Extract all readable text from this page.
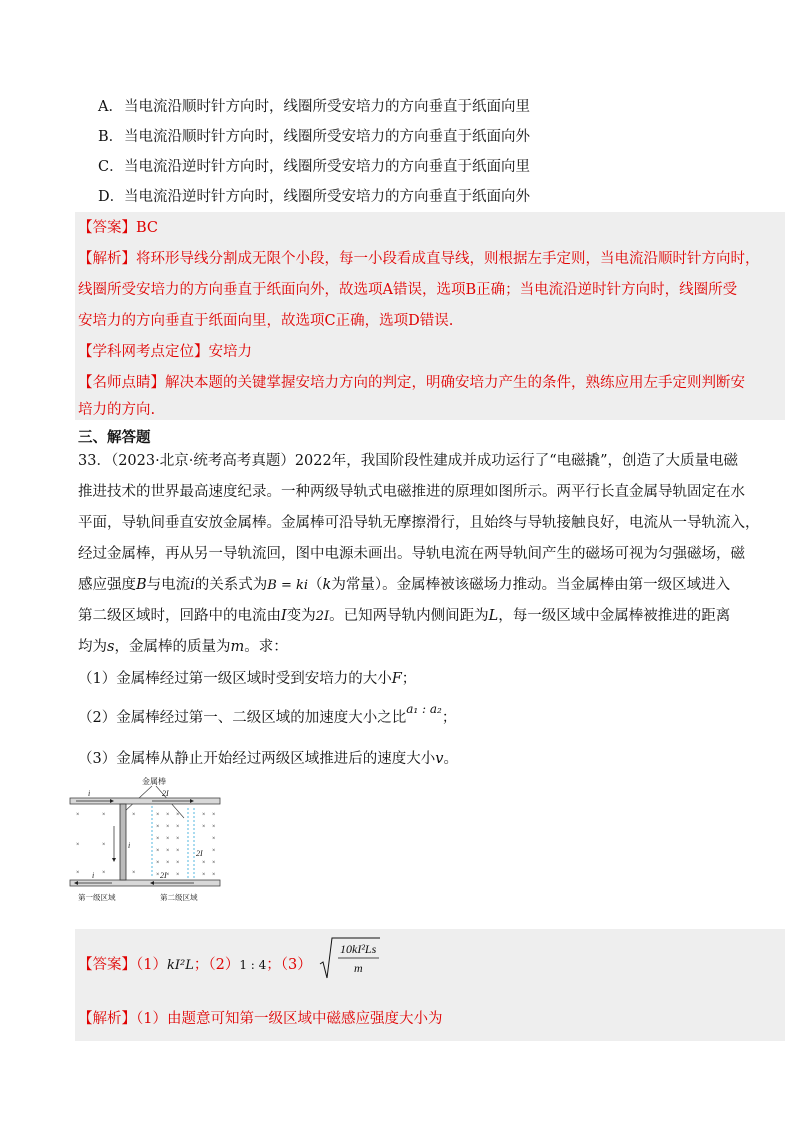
A．当电流沿顺时针方向时，线圈所受安培力的方向垂直于纸面向里
B．当电流沿顺时针方向时，线圈所受安培力的方向垂直于纸面向外
C．当电流沿逆时针方向时，线圈所受安培力的方向垂直于纸面向里
D．当电流沿逆时针方向时，线圈所受安培力的方向垂直于纸面向外
【答案】BC
【解析】将环形导线分割成无限个小段，每一小段看成直导线，则根据左手定则，当电流沿顺时针方向时，
线圈所受安培力的方向垂直于纸面向外，故选项A错误，选项B正确；当电流沿逆时针方向时，线圈所受
安培力的方向垂直于纸面向里，故选项C正确，选项D错误.
【学科网考点定位】安培力
【名师点睛】解决本题的关键掌握安培力方向的判定，明确安培力产生的条件，熟练应用左手定则判断安
培力的方向.
三、解答题
33．（2023·北京·统考高考真题）2022年，我国阶段性建成并成功运行了“电磁撬”，创造了大质量电磁
推进技术的世界最高速度纪录。一种两级导轨式电磁推进的原理如图所示。两平行长直金属导轨固定在水
平面，导轨间垂直安放金属棒。金属棒可沿导轨无摩擦滑行，且始终与导轨接触良好，电流从一导轨流入，
经过金属棒，再从另一导轨流回，图中电源未画出。导轨电流在两导轨间产生的磁场可视为匀强磁场，磁
感应强度B与电流i的关系式为B = ki（k为常量）。金属棒被该磁场力推动。当金属棒由第一级区域进入
第二级区域时，回路中的电流由I变为2I。已知两导轨内侧间距为L，每一级区域中金属棒被推进的距离
均为s，金属棒的质量为m。求：
（1）金属棒经过第一级区域时受到安培力的大小F；
（2）金属棒经过第一、二级区域的加速度大小之比$^{a_1 : a_2}$；
（3）金属棒从静止开始经过两级区域推进后的速度大小v。
金属棒
i	2I
i	2I
i
2I
×	×
×	×
×	×
×
×
× × ×	× ×
× × ×	× ×
× × ×	×
× × ×	×
× × ×	× ×
× × ×	× ×
第一级区域	第二级区域
【答案】（1）kI²L；（2）1 : 4；（3）
10kI²Ls
m
【解析】（1）由题意可知第一级区域中磁感应强度大小为
